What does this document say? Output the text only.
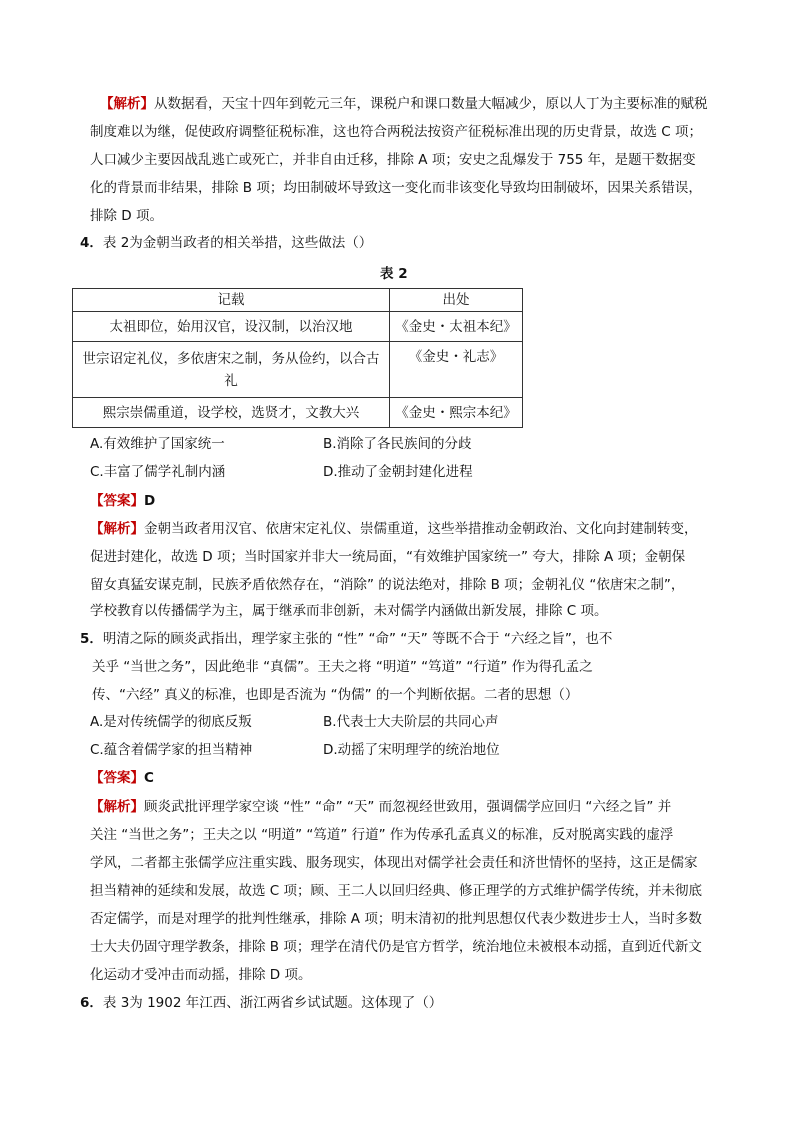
【解析】从数据看，天宝十四年到乾元三年，课税户和课口数量大幅减少，原以人丁为主要标准的赋税
制度难以为继，促使政府调整征税标准，这也符合两税法按资产征税标准出现的历史背景，故选 C 项；
人口减少主要因战乱逃亡或死亡，并非自由迁移，排除 A 项；安史之乱爆发于 755 年，是题干数据变
化的背景而非结果，排除 B 项；均田制破坏导致这一变化而非该变化导致均田制破坏，因果关系错误，
排除 D 项。
4．表 2为金朝当政者的相关举措，这些做法（）
表 2
记载	出处
太祖即位，始用汉官，设汉制，以治汉地	《金史・太祖本纪》

世宗诏定礼仪，多依唐宋之制，务从俭约，以合古
礼	《金史・礼志》
熙宗崇儒重道，设学校，选贤才，文教大兴	《金史・熙宗本纪》
A.有效维护了国家统一	B.消除了各民族间的分歧
C.丰富了儒学礼制内涵	D.推动了金朝封建化进程
【答案】D
【解析】金朝当政者用汉官、依唐宋定礼仪、崇儒重道，这些举措推动金朝政治、文化向封建制转变，
促进封建化，故选 D 项；当时国家并非大一统局面，“有效维护国家统一” 夸大，排除 A 项；金朝保
留女真猛安谋克制，民族矛盾依然存在，“消除” 的说法绝对，排除 B 项；金朝礼仪 “依唐宋之制”，
学校教育以传播儒学为主，属于继承而非创新，未对儒学内涵做出新发展，排除 C 项。
5．明清之际的顾炎武指出，理学家主张的 “性” “命” “天” 等既不合于 “六经之旨”，也不
关乎 “当世之务”，因此绝非 “真儒”。王夫之将 “明道” “笃道” “行道” 作为得孔孟之
传、“六经” 真义的标准，也即是否流为 “伪儒” 的一个判断依据。二者的思想（）
A.是对传统儒学的彻底反叛	B.代表士大夫阶层的共同心声
C.蕴含着儒学家的担当精神	D.动摇了宋明理学的统治地位
【答案】C
【解析】顾炎武批评理学家空谈 “性” “命” “天” 而忽视经世致用，强调儒学应回归 “六经之旨” 并
关注 “当世之务”；王夫之以 “明道” “笃道” 行道” 作为传承孔孟真义的标准，反对脱离实践的虚浮
学风，二者都主张儒学应注重实践、服务现实，体现出对儒学社会责任和济世情怀的坚持，这正是儒家
担当精神的延续和发展，故选 C 项；顾、王二人以回归经典、修正理学的方式维护儒学传统，并未彻底
否定儒学，而是对理学的批判性继承，排除 A 项；明末清初的批判思想仅代表少数进步士人，当时多数
士大夫仍固守理学教条，排除 B 项；理学在清代仍是官方哲学，统治地位未被根本动摇，直到近代新文
化运动才受冲击而动摇，排除 D 项。
6．表 3为 1902 年江西、浙江两省乡试试题。这体现了（）
